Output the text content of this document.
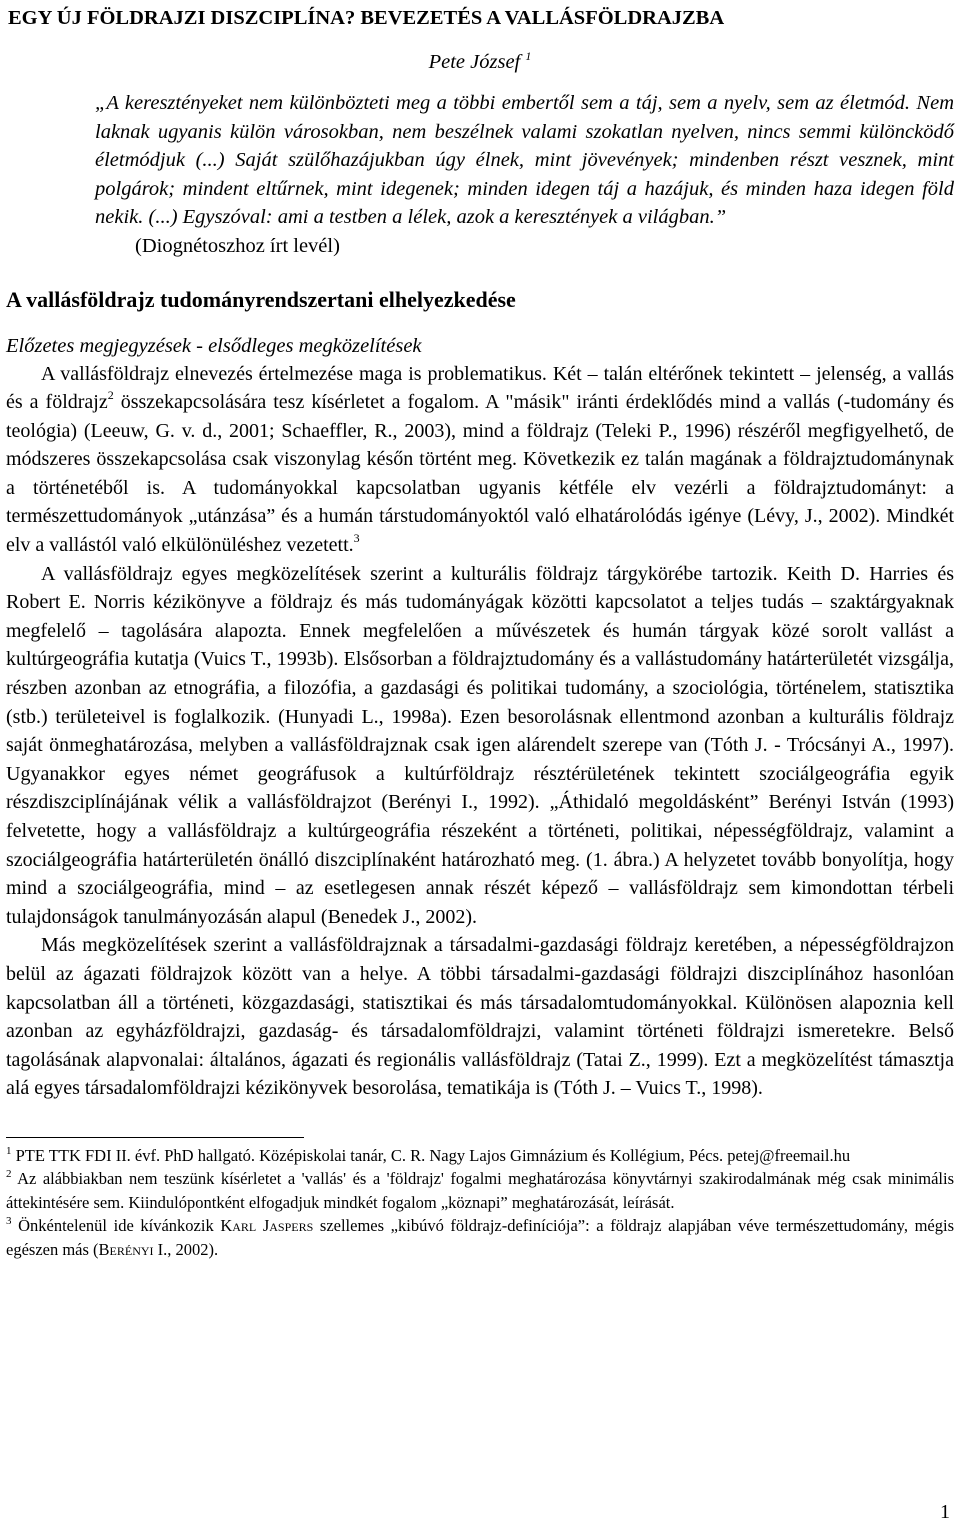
EGY ÚJ FÖLDRAJZI DISZCIPLÍNA? BEVEZETÉS A VALLÁSFÖLDRAJZBA
Pete József $^1$
„A keresztényeket nem különbözteti meg a többi embertől sem a táj, sem a nyelv, sem az életmód. Nem laknak ugyanis külön városokban, nem beszélnek valami szokatlan nyelven, nincs semmi különcködő életmódjuk (...) Saját szülőhazájukban úgy élnek, mint jövevények; mindenben részt vesznek, mint polgárok; mindent eltűrnek, mint idegenek; minden idegen táj a hazájuk, és minden haza idegen föld nekik. (...) Egyszóval: ami a testben a lélek, azok a keresztények a világban.”
(Diognétoszhoz írt levél)
A vallásföldrajz tudományrendszertani elhelyezkedése
Előzetes megjegyzések - elsődleges megközelítések

A vallásföldrajz elnevezés értelmezése maga is problematikus. Két – talán eltérőnek tekintett – jelenség, a vallás és a földrajz$^2$ összekapcsolására tesz kísérletet a fogalom. A "másik" iránti érdeklődés mind a vallás (-tudomány és teológia) (Leeuw, G. v. d., 2001; Schaeffler, R., 2003), mind a földrajz (Teleki P., 1996) részéről megfigyelhető, de módszeres összekapcsolása csak viszonylag későn történt meg. Következik ez talán magának a földrajztudománynak a történetéből is. A tudományokkal kapcsolatban ugyanis kétféle elv vezérli a földrajztudományt: a természettudományok „utánzása” és a humán társtudományoktól való elhatárolódás igénye (Lévy, J., 2002). Mindkét elv a vallástól való elkülönüléshez vezetett.$^3$

A vallásföldrajz egyes megközelítések szerint a kulturális földrajz tárgykörébe tartozik. Keith D. Harries és Robert E. Norris kézikönyve a földrajz és más tudományágak közötti kapcsolatot a teljes tudás – szaktárgyaknak megfelelő – tagolására alapozta. Ennek megfelelően a művészetek és humán tárgyak közé sorolt vallást a kultúrgeográfia kutatja (Vuics T., 1993b). Elsősorban a földrajztudomány és a vallástudomány határterületét vizsgálja, részben azonban az etnográfia, a filozófia, a gazdasági és politikai tudomány, a szociológia, történelem, statisztika (stb.) területeivel is foglalkozik. (Hunyadi L., 1998a). Ezen besorolásnak ellentmond azonban a kulturális földrajz saját önmeghatározása, melyben a vallásföldrajznak csak igen alárendelt szerepe van (Tóth J. - Trócsányi A., 1997). Ugyanakkor egyes német geográfusok a kultúrföldrajz résztérületének tekintett szociálgeográfia egyik részdiszciplínájának vélik a vallásföldrajzot (Berényi I., 1992). „Áthidaló megoldásként” Berényi István (1993) felvetette, hogy a vallásföldrajz a kultúrgeográfia részeként a történeti, politikai, népességföldrajz, valamint a szociálgeográfia határterületén önálló diszciplínaként határozható meg. (1. ábra.) A helyzetet tovább bonyolítja, hogy mind a szociálgeográfia, mind – az esetlegesen annak részét képező – vallásföldrajz sem kimondottan térbeli tulajdonságok tanulmányozásán alapul (Benedek J., 2002).

Más megközelítések szerint a vallásföldrajznak a társadalmi-gazdasági földrajz keretében, a népességföldrajzon belül az ágazati földrajzok között van a helye. A többi társadalmi-gazdasági földrajzi diszciplínához hasonlóan kapcsolatban áll a történeti, közgazdasági, statisztikai és más társadalomtudományokkal. Különösen alapoznia kell azonban az egyházföldrajzi, gazdaság- és társadalomföldrajzi, valamint történeti földrajzi ismeretekre. Belső tagolásának alapvonalai: általános, ágazati és regionális vallásföldrajz (Tatai Z., 1999). Ezt a megközelítést támasztja alá egyes társadalomföldrajzi kézikönyvek besorolása, tematikája is (Tóth J. – Vuics T., 1998).

$^1$ PTE TTK FDI II. évf. PhD hallgató. Középiskolai tanár, C. R. Nagy Lajos Gimnázium és Kollégium, Pécs. petej@freemail.hu

$^2$ Az alábbiakban nem teszünk kísérletet a 'vallás' és a 'földrajz' fogalmi meghatározása könyvtárnyi szakirodalmának még csak minimális áttekintésére sem. Kiindulópontként elfogadjuk mindkét fogalom „köznapi” meghatározását, leírását.

$^3$ Önkéntelenül ide kívánkozik Karl Jaspers szellemes „kibúvó földrajz-definíciója”: a földrajz alapjában véve természettudomány, mégis egészen más (Berényi I., 2002).

1
